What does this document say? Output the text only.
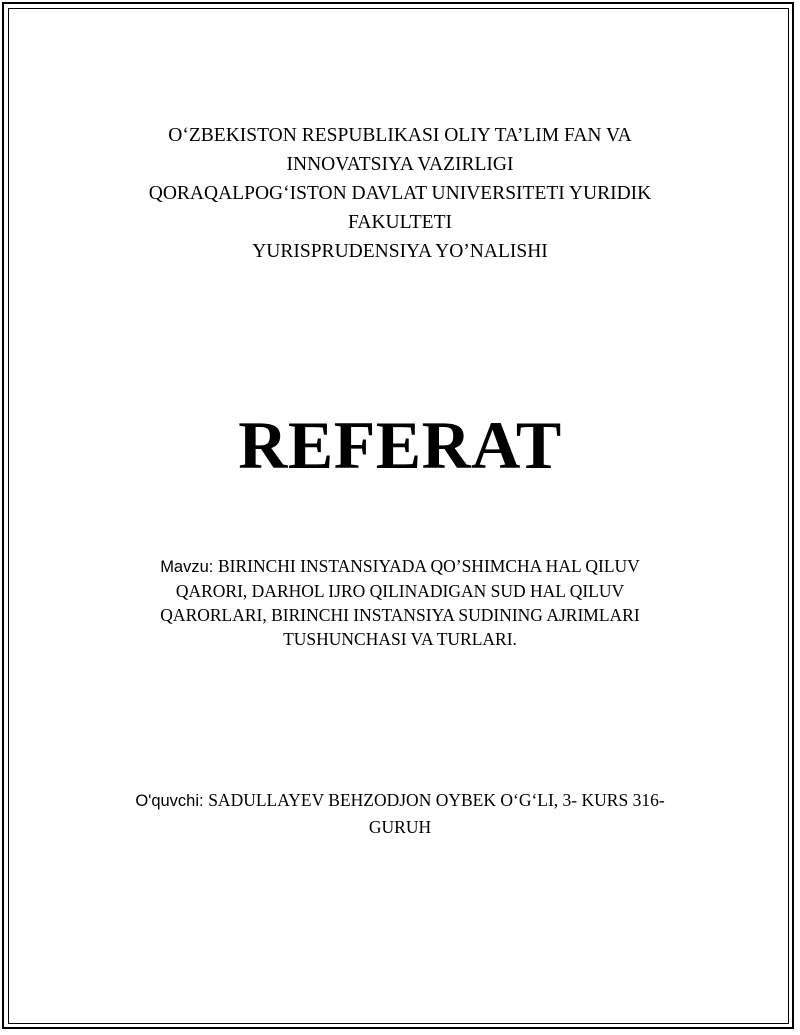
O‘ZBEKISTON RESPUBLIKASI OLIY TA’LIM FAN VA
INNOVATSIYA VAZIRLIGI
QORAQALPOG‘ISTON DAVLAT UNIVERSITETI YURIDIK
FAKULTETI
YURISPRUDENSIYA YO’NALISHI
REFERAT
Mavzu: BIRINCHI INSTANSIYADA QO’SHIMCHA HAL QILUV
QARORI, DARHOL IJRO QILINADIGAN SUD HAL QILUV
QARORLARI, BIRINCHI INSTANSIYA SUDINING AJRIMLARI
TUSHUNCHASI VA TURLARI.
O'quvchi: SADULLAYEV BEHZODJON OYBEK O‘G‘LI, 3- KURS 316-
GURUH
